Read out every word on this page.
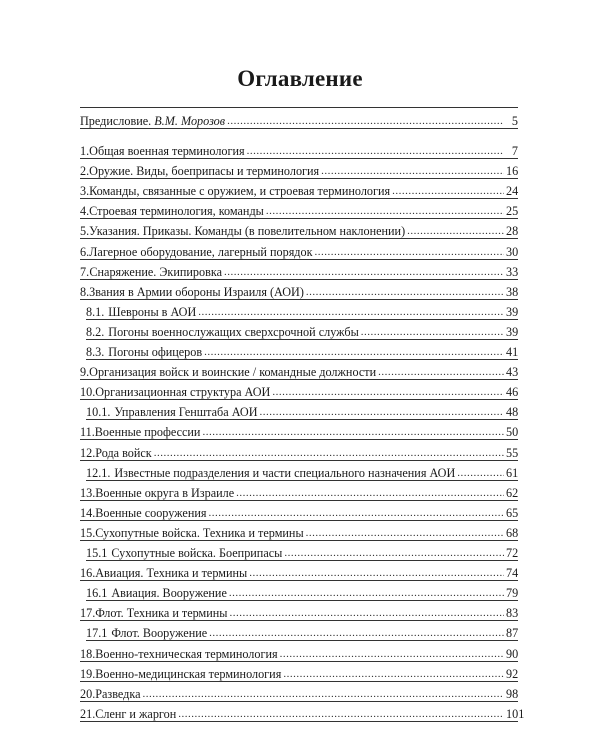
Оглавление
Предисловие. В.М. Морозов .....	5
1. Общая военная терминология .....	7
2. Оружие. Виды, боеприпасы и терминология .....	16
3. Команды, связанные с оружием, и строевая терминология .....	24
4. Строевая терминология, команды .....	25
5. Указания. Приказы. Команды (в повелительном наклонении) .....	28
6. Лагерное оборудование, лагерный порядок .....	30
7. Снаряжение. Экипировка .....	33
8. Звания в Армии обороны Израиля (АОИ) .....	38
8.1. Шевроны в АОИ .....	39
8.2. Погоны военнослужащих сверхсрочной службы .....	39
8.3. Погоны офицеров .....	41
9. Организация войск и воинские / командные должности .....	43
10. Организационная структура АОИ .....	46
10.1. Управления Генштаба АОИ .....	48
11. Военные профессии .....	50
12. Рода войск .....	55
12.1. Известные подразделения и части специального назначения АОИ .....	61
13. Военные округа в Израиле .....	62
14. Военные сооружения .....	65
15. Сухопутные войска. Техника и термины .....	68
15.1 Сухопутные войска. Боеприпасы .....	72
16. Авиация. Техника и термины .....	74
16.1 Авиация. Вооружение .....	79
17. Флот. Техника и термины .....	83
17.1 Флот. Вооружение .....	87
18. Военно-техническая терминология .....	90
19. Военно-медицинская терминология .....	92
20. Разведка .....	98
21. Сленг и жаргон .....	101
